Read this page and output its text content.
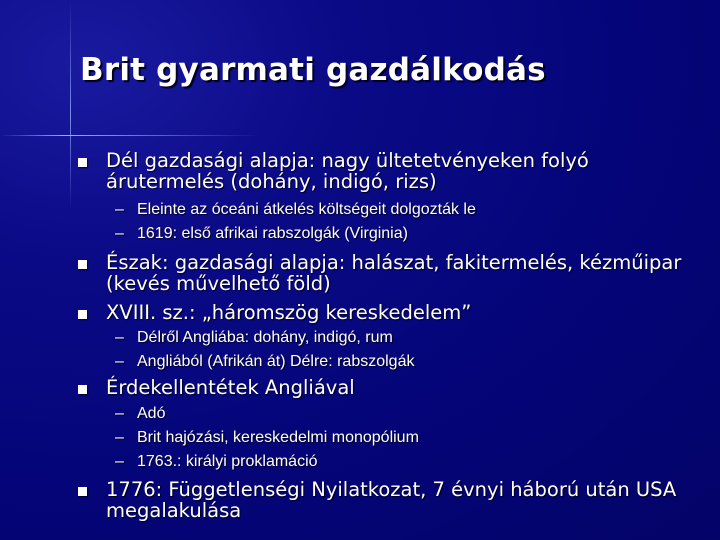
Brit gyarmati gazdálkodás
Dél gazdasági alapja: nagy ültetetvényeken folyó árutermelés (dohány, indigó, rizs)
– Eleinte az óceáni átkelés költségeit dolgozták le
– 1619: első afrikai rabszolgák (Virginia)
Észak: gazdasági alapja: halászat, fakitermelés, kézműipar (kevés művelhető föld)
XVIII. sz.: „háromszög kereskedelem”
– Délről Angliába: dohány, indigó, rum
– Angliából (Afrikán át) Délre: rabszolgák
Érdekellentétek Angliával
– Adó
– Brit hajózási, kereskedelmi monopólium
– 1763.: királyi proklamáció
1776: Függetlenségi Nyilatkozat, 7 évnyi háború után USA megalakulása
